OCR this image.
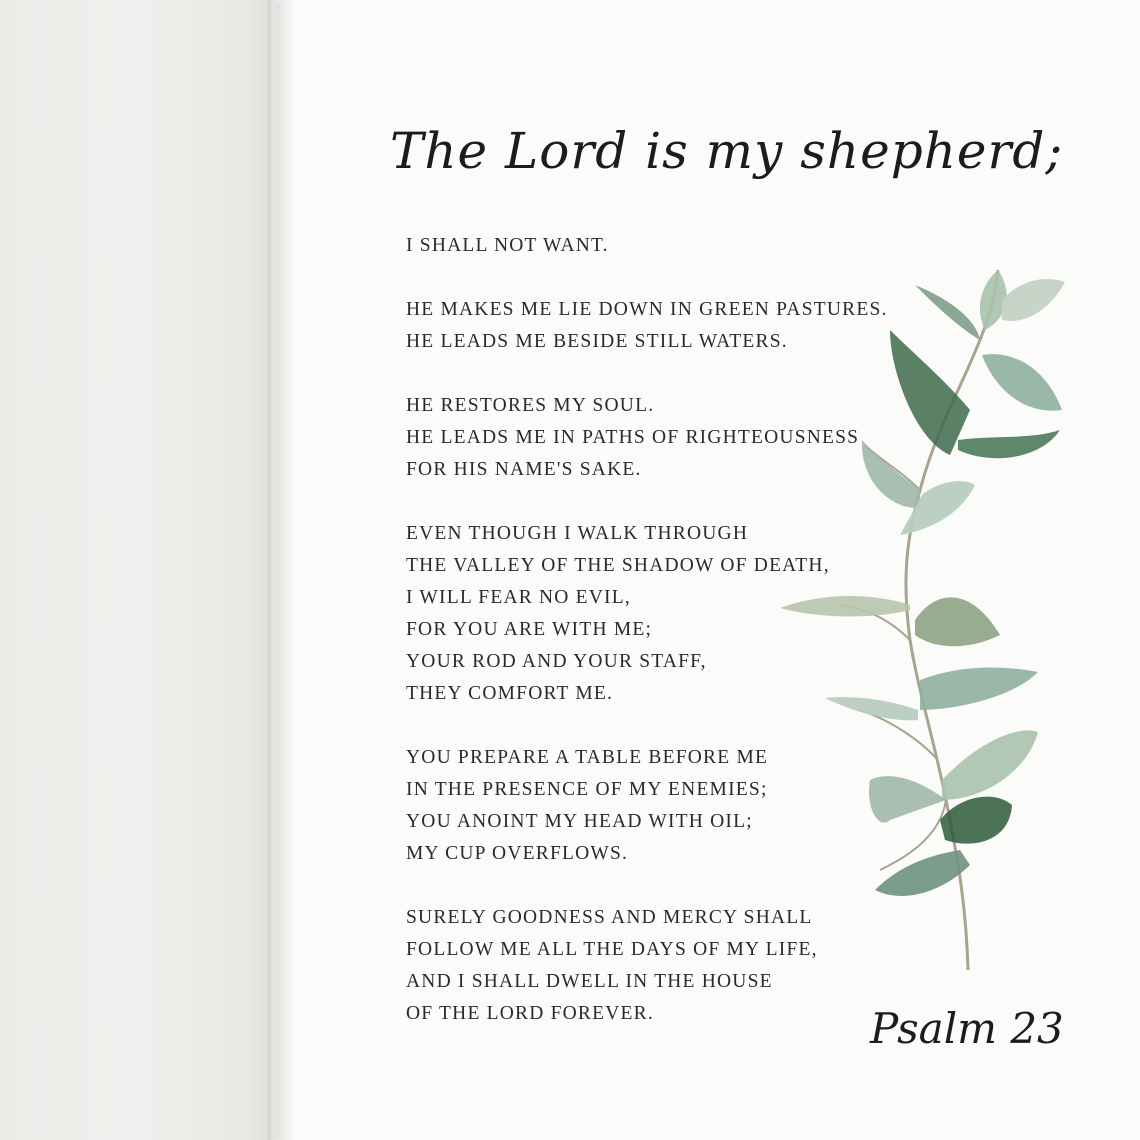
The Lord is my shepherd;
I SHALL NOT WANT.
HE MAKES ME LIE DOWN IN GREEN PASTURES.
HE LEADS ME BESIDE STILL WATERS.
HE RESTORES MY SOUL.
HE LEADS ME IN PATHS OF RIGHTEOUSNESS
FOR HIS NAME'S SAKE.
EVEN THOUGH I WALK THROUGH
THE VALLEY OF THE SHADOW OF DEATH,
I WILL FEAR NO EVIL,
FOR YOU ARE WITH ME;
YOUR ROD AND YOUR STAFF,
THEY COMFORT ME.
YOU PREPARE A TABLE BEFORE ME
IN THE PRESENCE OF MY ENEMIES;
YOU ANOINT MY HEAD WITH OIL;
MY CUP OVERFLOWS.
SURELY GOODNESS AND MERCY SHALL
FOLLOW ME ALL THE DAYS OF MY LIFE,
AND I SHALL DWELL IN THE HOUSE
OF THE LORD FOREVER.	Psalm 23
